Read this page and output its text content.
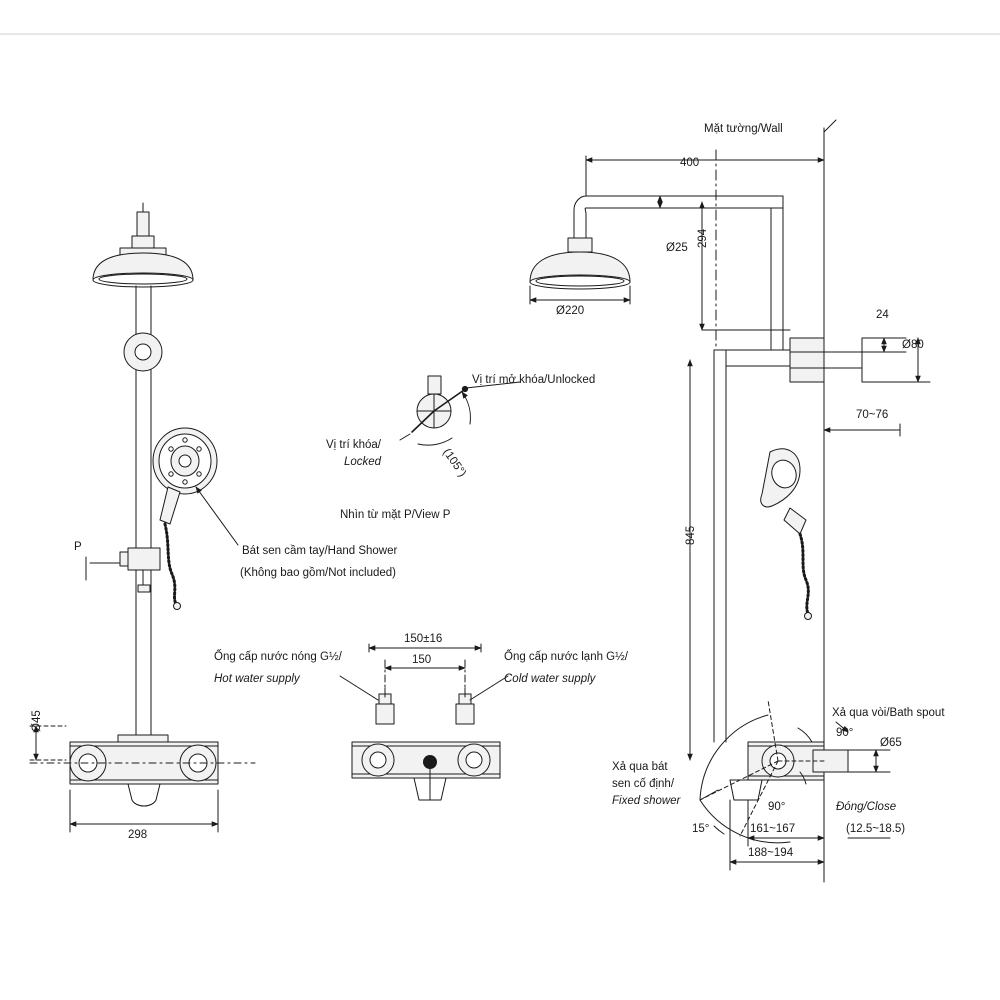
Mặt tường/Wall
400
Ø25 294
Ø220	24
Ø80
70~76
845
Ø65
Xả qua vòi/Bath spout
90°
Đóng/Close
90°
15°	161~167
188~194
(12.5~18.5)
Xả qua bát
sen cố định/
Fixed shower
Vị trí mở khóa/Unlocked
Vị trí khóa/
Locked	(105°)
Nhìn từ mặt P/View P
Bát sen cầm tay/Hand Shower
(Không bao gồm/Not included)
P
Ø45
298
Ống cấp nước nóng G½/
Hot water supply
Ống cấp nước lạnh G½/
Cold water supply
150±16
150
